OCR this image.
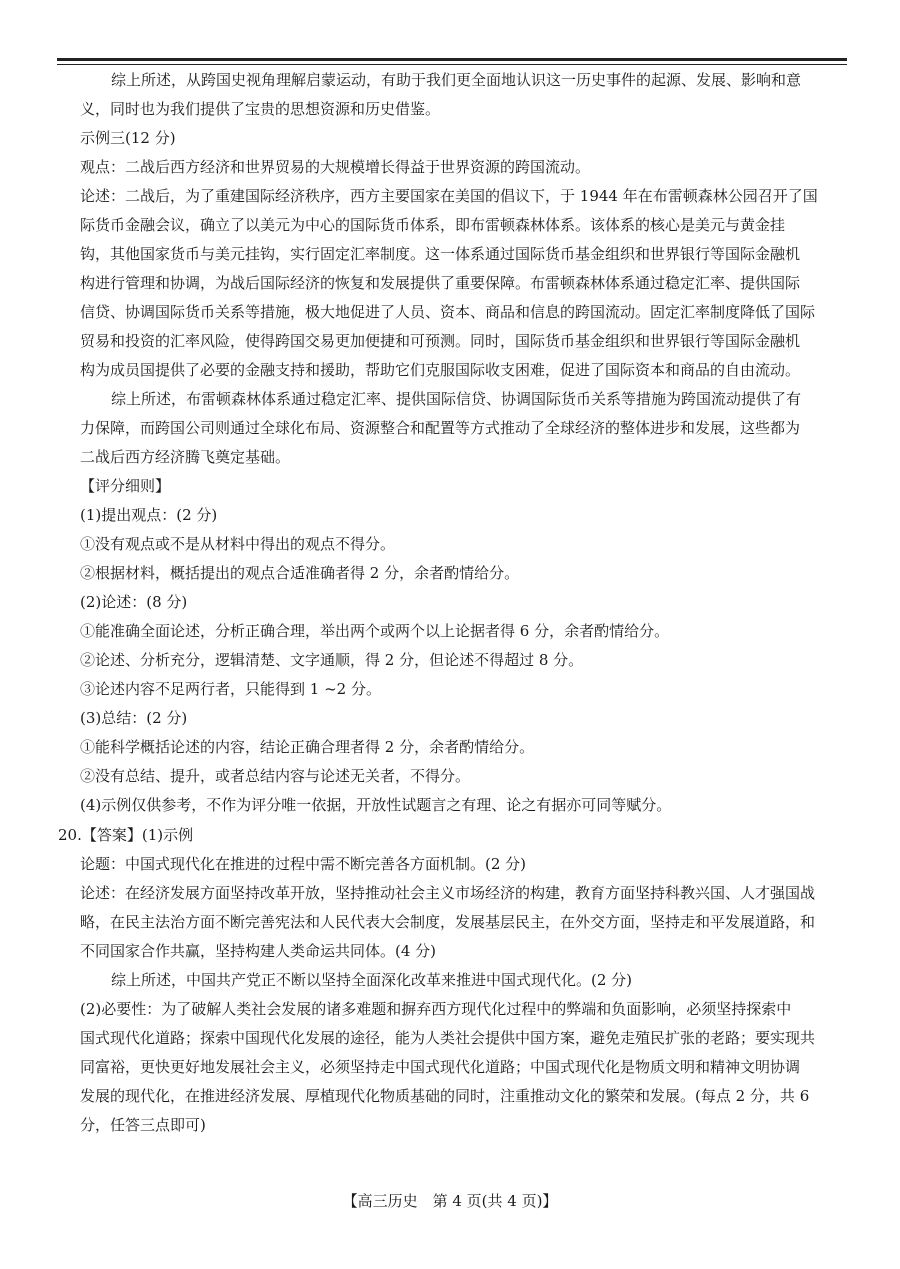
综上所述，从跨国史视角理解启蒙运动，有助于我们更全面地认识这一历史事件的起源、发展、影响和意

义，同时也为我们提供了宝贵的思想资源和历史借鉴。

示例三(12 分)

观点：二战后西方经济和世界贸易的大规模增长得益于世界资源的跨国流动。

论述：二战后，为了重建国际经济秩序，西方主要国家在美国的倡议下，于 1944 年在布雷顿森林公园召开了国

际货币金融会议，确立了以美元为中心的国际货币体系，即布雷顿森林体系。该体系的核心是美元与黄金挂

钩，其他国家货币与美元挂钩，实行固定汇率制度。这一体系通过国际货币基金组织和世界银行等国际金融机

构进行管理和协调，为战后国际经济的恢复和发展提供了重要保障。布雷顿森林体系通过稳定汇率、提供国际

信贷、协调国际货币关系等措施，极大地促进了人员、资本、商品和信息的跨国流动。固定汇率制度降低了国际

贸易和投资的汇率风险，使得跨国交易更加便捷和可预测。同时，国际货币基金组织和世界银行等国际金融机

构为成员国提供了必要的金融支持和援助，帮助它们克服国际收支困难，促进了国际资本和商品的自由流动。

综上所述，布雷顿森林体系通过稳定汇率、提供国际信贷、协调国际货币关系等措施为跨国流动提供了有

力保障，而跨国公司则通过全球化布局、资源整合和配置等方式推动了全球经济的整体进步和发展，这些都为

二战后西方经济腾飞奠定基础。

【评分细则】

(1)提出观点：(2 分)

①没有观点或不是从材料中得出的观点不得分。

②根据材料，概括提出的观点合适准确者得 2 分，余者酌情给分。

(2)论述：(8 分)

①能准确全面论述，分析正确合理，举出两个或两个以上论据者得 6 分，余者酌情给分。

②论述、分析充分，逻辑清楚、文字通顺，得 2 分，但论述不得超过 8 分。

③论述内容不足两行者，只能得到 1 ~2 分。

(3)总结：(2 分)

①能科学概括论述的内容，结论正确合理者得 2 分，余者酌情给分。

②没有总结、提升，或者总结内容与论述无关者，不得分。

(4)示例仅供参考，不作为评分唯一依据，开放性试题言之有理、论之有据亦可同等赋分。

20.【答案】(1)示例

论题：中国式现代化在推进的过程中需不断完善各方面机制。(2 分)

论述：在经济发展方面坚持改革开放，坚持推动社会主义市场经济的构建，教育方面坚持科教兴国、人才强国战

略，在民主法治方面不断完善宪法和人民代表大会制度，发展基层民主，在外交方面，坚持走和平发展道路，和

不同国家合作共赢，坚持构建人类命运共同体。(4 分)

综上所述，中国共产党正不断以坚持全面深化改革来推进中国式现代化。(2 分)

(2)必要性：为了破解人类社会发展的诸多难题和摒弃西方现代化过程中的弊端和负面影响，必须坚持探索中

国式现代化道路；探索中国现代化发展的途径，能为人类社会提供中国方案，避免走殖民扩张的老路；要实现共

同富裕，更快更好地发展社会主义，必须坚持走中国式现代化道路；中国式现代化是物质文明和精神文明协调

发展的现代化，在推进经济发展、厚植现代化物质基础的同时，注重推动文化的繁荣和发展。(每点 2 分，共 6

分，任答三点即可)

【高三历史　第 4 页(共 4 页)】
